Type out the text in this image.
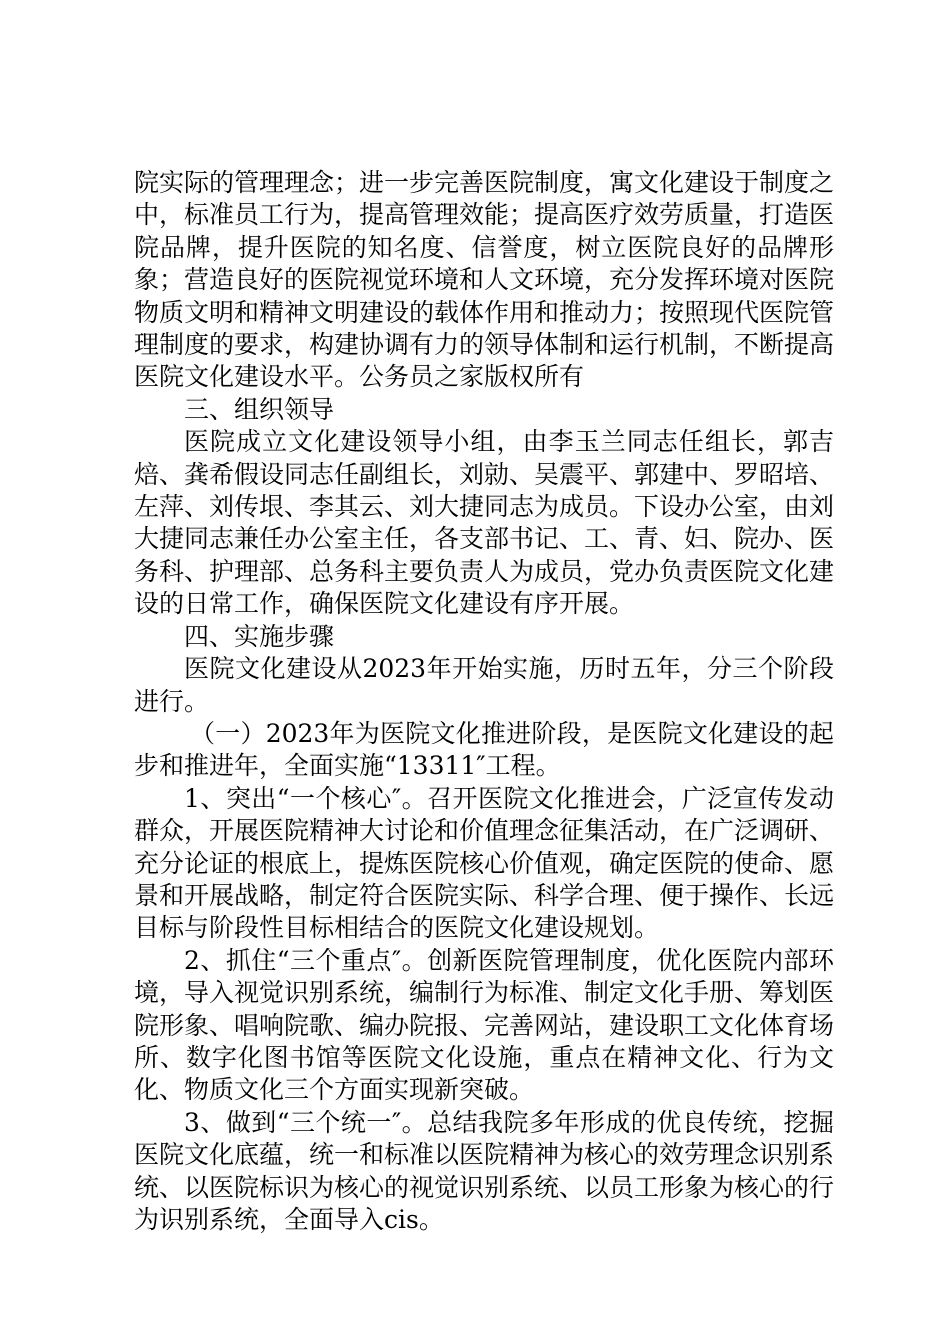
院实际的管理理念；进一步完善医院制度，寓文化建设于制度之中，标准员工行为，提高管理效能；提高医疗效劳质量，打造医院品牌，提升医院的知名度、信誉度，树立医院良好的品牌形象；营造良好的医院视觉环境和人文环境，充分发挥环境对医院物质文明和精神文明建设的载体作用和推动力；按照现代医院管理制度的要求，构建协调有力的领导体制和运行机制，不断提高医院文化建设水平。公务员之家版权所有

三、组织领导

医院成立文化建设领导小组，由李玉兰同志任组长，郭吉焙、龚希假设同志任副组长，刘勍、吴震平、郭建中、罗昭培、左萍、刘传垠、李其云、刘大捷同志为成员。下设办公室，由刘大捷同志兼任办公室主任，各支部书记、工、青、妇、院办、医务科、护理部、总务科主要负责人为成员，党办负责医院文化建设的日常工作，确保医院文化建设有序开展。

四、实施步骤

医院文化建设从2023年开始实施，历时五年，分三个阶段进行。

（一）2023年为医院文化推进阶段，是医院文化建设的起步和推进年，全面实施“13311″工程。

1、突出“一个核心″。召开医院文化推进会，广泛宣传发动群众，开展医院精神大讨论和价值理念征集活动，在广泛调研、充分论证的根底上，提炼医院核心价值观，确定医院的使命、愿景和开展战略，制定符合医院实际、科学合理、便于操作、长远目标与阶段性目标相结合的医院文化建设规划。

2、抓住“三个重点″。创新医院管理制度，优化医院内部环境，导入视觉识别系统，编制行为标准、制定文化手册、筹划医院形象、唱响院歌、编办院报、完善网站，建设职工文化体育场所、数字化图书馆等医院文化设施，重点在精神文化、行为文化、物质文化三个方面实现新突破。

3、做到“三个统一″。总结我院多年形成的优良传统，挖掘医院文化底蕴，统一和标准以医院精神为核心的效劳理念识别系统、以医院标识为核心的视觉识别系统、以员工形象为核心的行为识别系统，全面导入cis。
